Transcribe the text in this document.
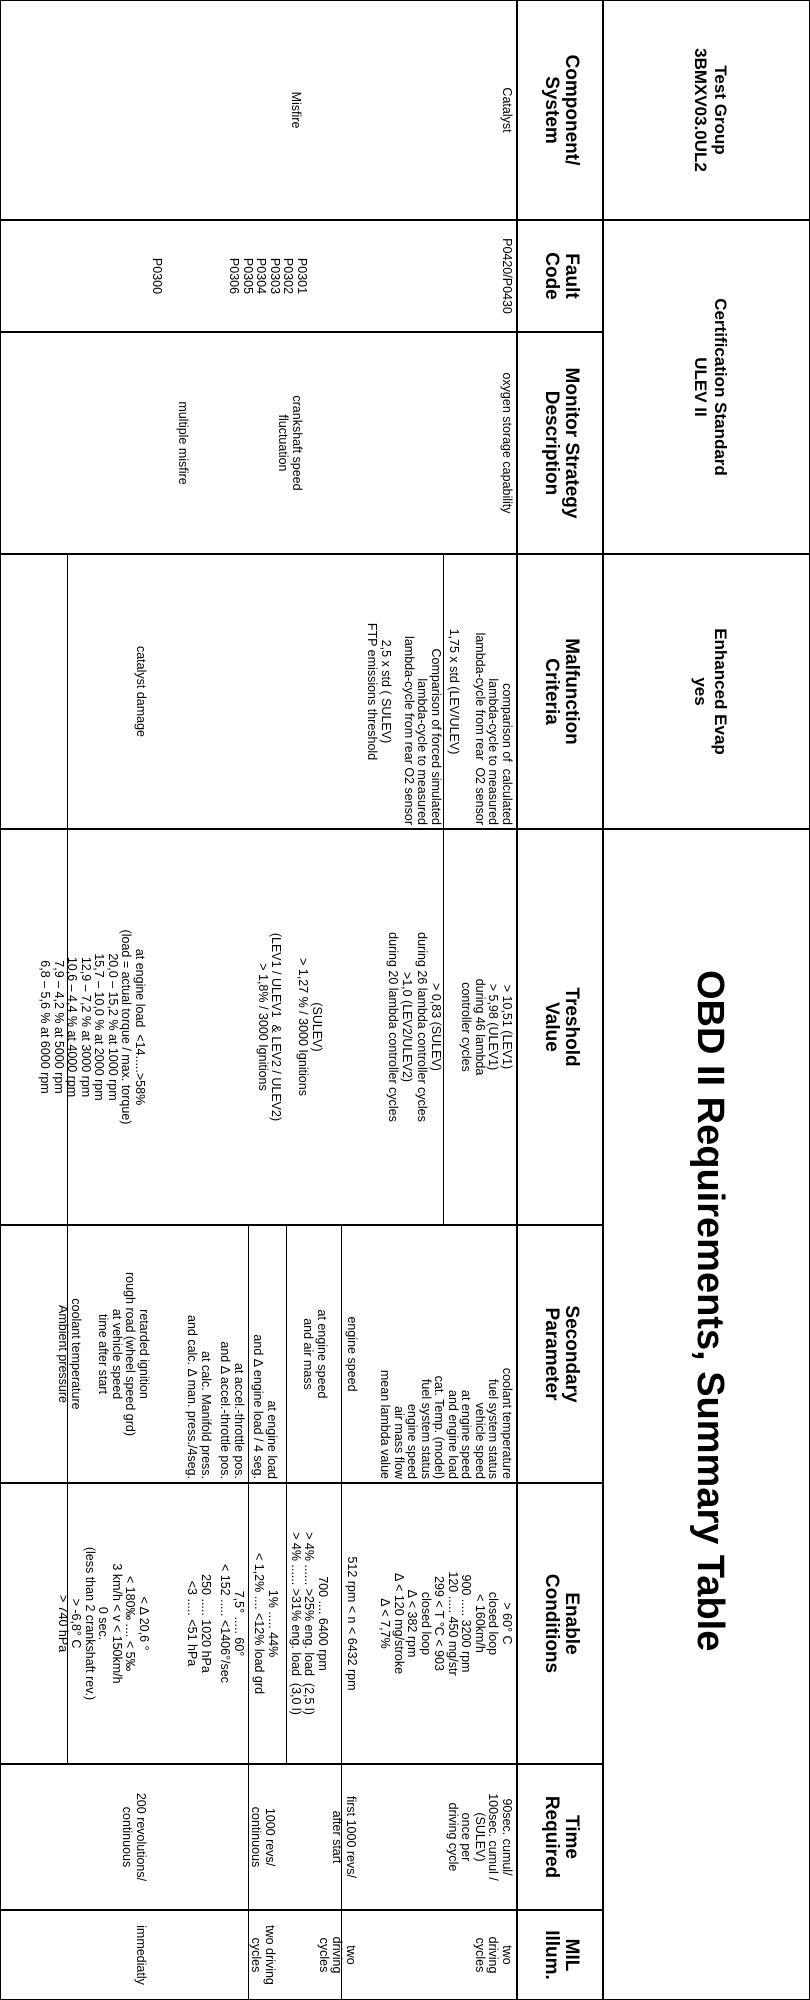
Test Group
3BMXV03.0UL2
Certification Standard
ULEV II
Enhanced Evap
yes
OBD II Requirements, Summary Table
Component/
System
Fault
Code
Monitor Strategy
Description
Malfunction
Criteria
Treshold
Value
Secondary
Parameter
Enable
Conditions
Time
Required
MIL
Illum.
Catalyst
P0420/P0430
oxygen storage capability
comparison of  calculated
lambda-cycle to measured
lambda-cycle from rear  O2 sensor
1,75 x std (LEV/ULEV)
Comparison of forced simulated
lambda-cycle to measured
lambda-cycle from rear O2 sensor
2,5 x std ( SULEV)
FTP emissions threshold
> 10,51 (LEV1)
> 5,98 (ULEV1)
during 46 lambda
controller cycles
> 0,83 (SULEV)
during 26 lambda controller cycles
>1,0 (LEV2/ULEV2)
during 20 lambda controller cycles
coolant temperature
fuel system status
vehicle speed
at engine speed
and engine load
cat. Temp. (model)
fuel system status
engine speed
air mass flow
mean lambda value
> 60° C
closed loop
< 160km/h
900 ..... 3200 rpm
120 ..... 450 mg/str
299 < T °C < 903
closed loop
Δ < 382 rpm
Δ < 120 mg/stroke
Δ < 7,7%
90sec. cumul/
100sec. cumul /
(SULEV)
once per
driving cycle
two
driving
cycles
Misfire
P0301
P0302
P0303
P0304
P0305
P0306
P0300
crankshaft speed
fluctuation
multiple misfire
catalyst damage
(SULEV)
> 1,27 % / 3000 Ignitions

(LEV1 / ULEV1  & LEV2 / ULEV2)
> 1,8% / 3000 Ignitions
at engine load  <14.....>58%
(load = actual torque / max. torque)
20,0 – 15,2 % at 1000 rpm
15,7 – 10,0 % at 2000 rpm
12,9 – 7,2 % at 3000 rpm
10,6 – 4,4 % at 4000 rpm
7,9 – 4,2 % at 5000 rpm
6,8 – 5,6 % at 6000 rpm
engine speed
at engine speed
and air mass
at engine load
and Δ engine load / 4 seg.
at accel.-throttle pos.
and Δ accel.-throttle pos.
at calc. Manifold press.
and calc. Δ man. press./4seg.
retarded ignition
rough road (wheel speed grd)
at vehicle speed
time after start

coolant temperature
Ambient pressure
512 rpm < n < 6432 rpm
700 .... 6400 rpm
> 4% ...... >25% eng. load  (2,5 l)
> 4% ...... >31% eng. load  (3,0 l)
1% ..... 44%
< 1,2% .... <12% load grd
7,5° ..... 60°
< 152 ..... <1406°/sec
250 ..... 1020 hPa
<3 ..... <51 hPa
< Δ 20,6 °
< 180‰ .... < 5‰
3 km/h < v < 150km/h
0 sec.
(less than 2 crankshaft rev.)
> -6,8° C
> 740 hPa
first 1000 revs/
after start
1000 revs/
continuous
200 revolutions/
continuous
two
driving
cycles
two driving
cycles
immediatly
